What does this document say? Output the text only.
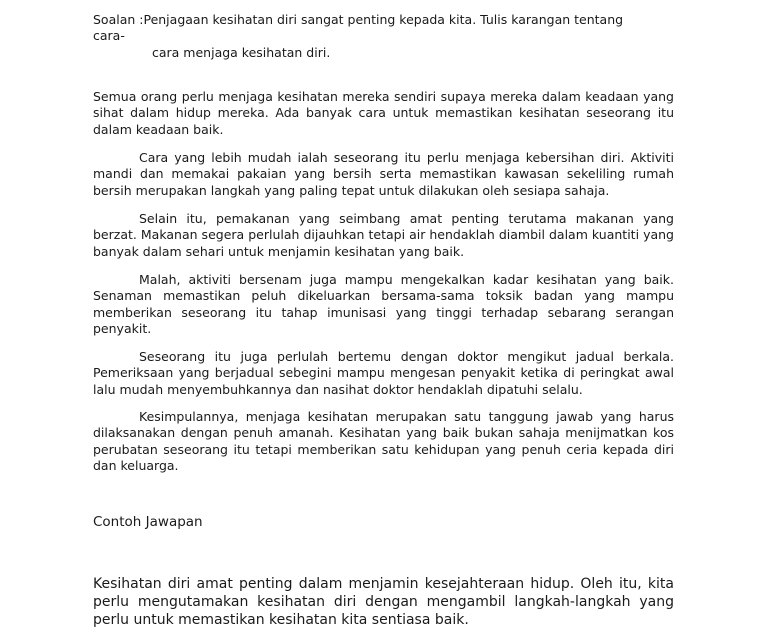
Soalan :Penjagaan kesihatan diri sangat penting kepada kita. Tulis karangan tentang
cara-
cara menjaga kesihatan diri.

Semua orang perlu menjaga kesihatan mereka sendiri supaya mereka dalam keadaan yang sihat dalam hidup mereka. Ada banyak cara untuk memastikan kesihatan seseorang itu dalam keadaan baik.

Cara yang lebih mudah ialah seseorang itu perlu menjaga kebersihan diri. Aktiviti mandi dan memakai pakaian yang bersih serta memastikan kawasan sekeliling rumah bersih merupakan langkah yang paling tepat untuk dilakukan oleh sesiapa sahaja.

Selain itu, pemakanan yang seimbang amat penting terutama makanan yang berzat. Makanan segera perlulah dijauhkan tetapi air hendaklah diambil dalam kuantiti yang banyak dalam sehari untuk menjamin kesihatan yang baik.

Malah, aktiviti bersenam juga mampu mengekalkan kadar kesihatan yang baik. Senaman memastikan peluh dikeluarkan bersama-sama toksik badan yang mampu memberikan seseorang itu tahap imunisasi yang tinggi terhadap sebarang serangan penyakit.

Seseorang itu juga perlulah bertemu dengan doktor mengikut jadual berkala. Pemeriksaan yang berjadual sebegini mampu mengesan penyakit ketika di peringkat awal lalu mudah menyembuhkannya dan nasihat doktor hendaklah dipatuhi selalu.

Kesimpulannya, menjaga kesihatan merupakan satu tanggung jawab yang harus dilaksanakan dengan penuh amanah. Kesihatan yang baik bukan sahaja menijmatkan kos perubatan seseorang itu tetapi memberikan satu kehidupan yang penuh ceria kepada diri dan keluarga.

Contoh Jawapan

Kesihatan diri amat penting dalam menjamin kesejahteraan hidup. Oleh itu, kita perlu mengutamakan kesihatan diri dengan mengambil langkah-langkah yang perlu untuk memastikan kesihatan kita sentiasa baik.
